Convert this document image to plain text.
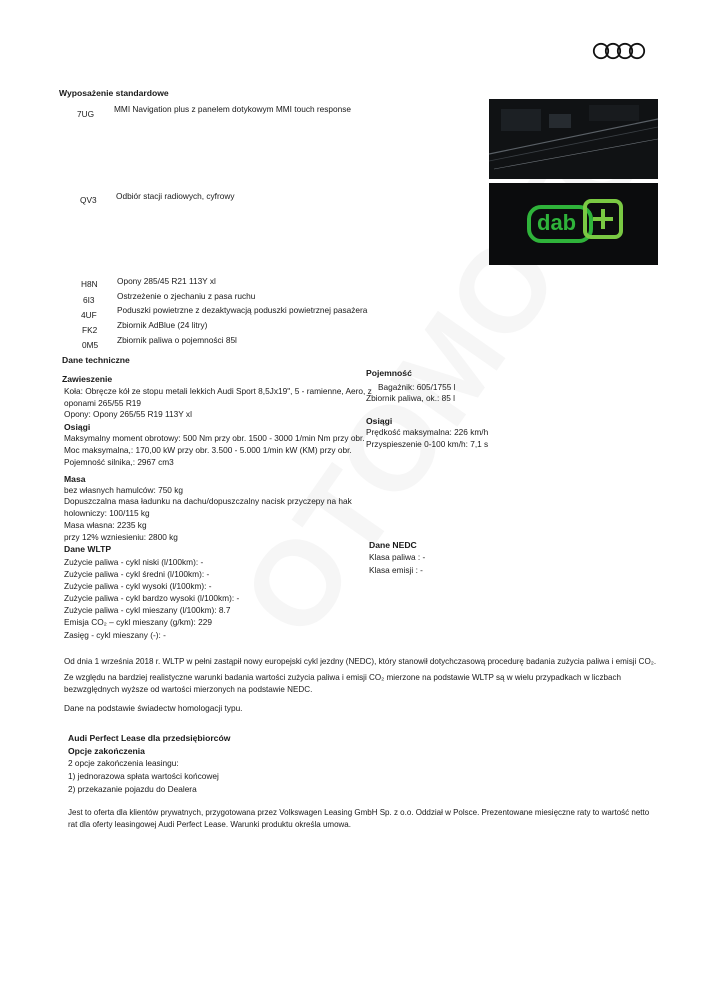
Wyposażenie standardowe
7UG MMI Navigation plus z panelem dotykowym MMI touch response
QV3 Odbiór stacji radiowych, cyfrowy
H8N Opony 285/45 R21 113Y xl
6I3	Ostrzeżenie o zjechaniu z pasa ruchu
4UF Poduszki powietrzne z dezaktywacją poduszki powietrznej pasażera
FK2 Zbiornik AdBlue (24 litry)
0M5 Zbiornik paliwa o pojemności 85l
dab
Dane techniczne
Zawieszenie
Koła: Obręcze kół ze stopu metali lekkich Audi Sport 8,5Jx19", 5 - ramienne, Aero, z
oponami 265/55 R19
Opony: Opony 265/55 R19 113Y xl
Pojemność
Bagażnik: 605/1755 l
Zbiornik paliwa, ok.: 85 l
Osiągi
Maksymalny moment obrotowy: 500 Nm przy obr. 1500 - 3000 1/min Nm przy obr.
Moc maksymalna,: 170,00 kW przy obr. 3.500 - 5.000 1/min kW (KM) przy obr.
Pojemność silnika,: 2967 cm3
Osiągi
Prędkość maksymalna: 226 km/h
Przyspieszenie 0-100 km/h: 7,1 s
Masa
bez własnych hamulców: 750 kg
Dopuszczalna masa ładunku na dachu/dopuszczalny nacisk przyczepy na hak
holowniczy: 100/115 kg
Masa własna: 2235 kg
przy 12% wzniesieniu: 2800 kg
Dane WLTP
Zużycie paliwa - cykl niski (l/100km): -
Zużycie paliwa - cykl średni (l/100km): -
Zużycie paliwa - cykl wysoki (l/100km): -
Zużycie paliwa - cykl bardzo wysoki (l/100km): -
Zużycie paliwa - cykl mieszany (l/100km): 8.7
Emisja CO₂ – cykl mieszany (g/km): 229
Zasięg - cykl mieszany (-): -
Dane NEDC
Klasa paliwa : -
Klasa emisji : -
Od dnia 1 września 2018 r. WLTP w pełni zastąpił nowy europejski cykl jezdny (NEDC), który stanowił dotychczasową procedurę badania zużycia paliwa i emisji CO₂.
Ze względu na bardziej realistyczne warunki badania wartości zużycia paliwa i emisji CO₂ mierzone na podstawie WLTP są w wielu przypadkach w liczbach
bezwzględnych wyższe od wartości mierzonych na podstawie NEDC.
Dane na podstawie świadectw homologacji typu.
Audi Perfect Lease dla przedsiębiorców
Opcje zakończenia
2 opcje zakończenia leasingu:
1) jednorazowa spłata wartości końcowej
2) przekazanie pojazdu do Dealera
Jest to oferta dla klientów prywatnych, przygotowana przez Volkswagen Leasing GmbH Sp. z o.o. Oddział w Polsce. Prezentowane miesięczne raty to wartość netto
rat dla oferty leasingowej Audi Perfect Lease. Warunki produktu określa umowa.
